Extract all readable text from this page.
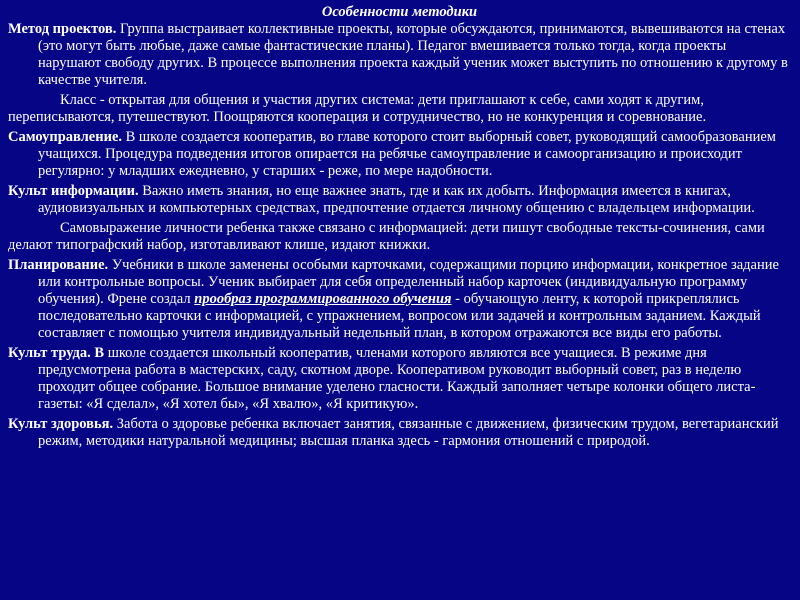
Особенности методики

Метод проектов. Группа выстраивает коллективные проекты, которые обсуждаются, принимаются, вывешиваются на стенах (это могут быть любые, даже самые фантастические планы). Педагог вмешивается только тогда, когда проекты нарушают свободу других. В процессе выполнения проекта каждый ученик может выступить по отношению к другому в качестве учителя.

Класс - открытая для общения и участия других система: дети приглашают к себе, сами ходят к другим, переписываются, путешествуют. Поощряются кооперация и сотрудничество, но не конкуренция и соревнование.

Самоуправление. В школе создается кооператив, во главе которого стоит выборный совет, руководящий самообразованием учащихся. Процедура подведения итогов опирается на ребячье самоуправление и самоорганизацию и происходит регулярно: у младших ежедневно, у старших - реже, по мере надобности.

Культ информации. Важно иметь знания, но еще важнее знать, где и как их добыть. Информация имеется в книгах, аудиовизуальных и компьютерных средствах, предпочтение отдается личному общению с владельцем информации.

Самовыражение личности ребенка также связано с информацией: дети пишут свободные тексты-сочинения, сами делают типографский набор, изготавливают клише, издают книжки.

Планирование. Учебники в школе заменены особыми карточками, содержащими порцию информации, конкретное задание или контрольные вопросы. Ученик выбирает для себя определенный набор карточек (индивидуальную программу обучения). Френе создал прообраз программированного обучения - обучающую ленту, к которой прикреплялись последовательно карточки с информацией, с упражнением, вопросом или задачей и контрольным заданием. Каждый составляет с помощью учителя индивидуальный недельный план, в котором отражаются все виды его работы.

Культ труда. В школе создается школьный кооператив, членами которого являются все учащиеся. В режиме дня предусмотрена работа в мастерских, саду, скотном дворе. Кооперативом руководит выборный совет, раз в неделю проходит общее собрание. Большое внимание уделено гласности. Каждый заполняет четыре колонки общего листа-газеты: «Я сделал», «Я хотел бы», «Я хвалю», «Я критикую».

Культ здоровья. Забота о здоровье ребенка включает занятия, связанные с движением, физическим трудом, вегетарианский режим, методики натуральной медицины; высшая планка здесь - гармония отношений с природой.
